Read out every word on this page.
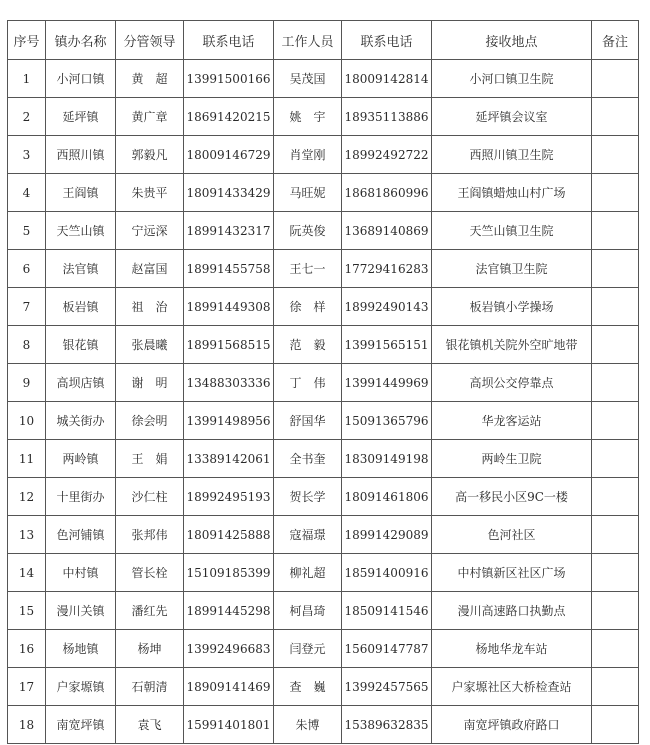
序号	镇办名称	分管领导	联系电话	工作人员	联系电话	接收地点	备注
1	小河口镇	黄　超	13991500166	吴茂国	18009142814	小河口镇卫生院	
2	延坪镇	黄广章	18691420215	姚　宇	18935113886	延坪镇会议室	
3	西照川镇	郭毅凡	18009146729	肖堂刚	18992492722	西照川镇卫生院	
4	王阎镇	朱贵平	18091433429	马旺妮	18681860996	王阎镇蜡烛山村广场	
5	天竺山镇	宁远深	18991432317	阮英俊	13689140869	天竺山镇卫生院	
6	法官镇	赵富国	18991455758	王七一	17729416283	法官镇卫生院	
7	板岩镇	祖　治	18991449308	徐　样	18992490143	板岩镇小学操场	
8	银花镇	张晨曦	18991568515	范　毅	13991565151	银花镇机关院外空旷地带	
9	高坝店镇	谢　明	13488303336	丁　伟	13991449969	高坝公交停靠点	
10	城关街办	徐会明	13991498956	舒国华	15091365796	华龙客运站	
11	两岭镇	王　娟	13389142061	全书奎	18309149198	两岭生卫院	
12	十里街办	沙仁柱	18992495193	贺长学	18091461806	高一移民小区9C一楼	
13	色河铺镇	张邦伟	18091425888	寇福璟	18991429089	色河社区	
14	中村镇	管长栓	15109185399	柳礼超	18591400916	中村镇新区社区广场	
15	漫川关镇	潘红先	18991445298	柯昌琦	18509141546	漫川高速路口执勤点	
16	杨地镇	杨坤	13992496683	闫登元	15609147787	杨地华龙车站	
17	户家塬镇	石朝清	18909141469	查　巍	13992457565	户家塬社区大桥检查站	
18	南宽坪镇	袁飞	15991401801	朱博	15389632835	南宽坪镇政府路口	
